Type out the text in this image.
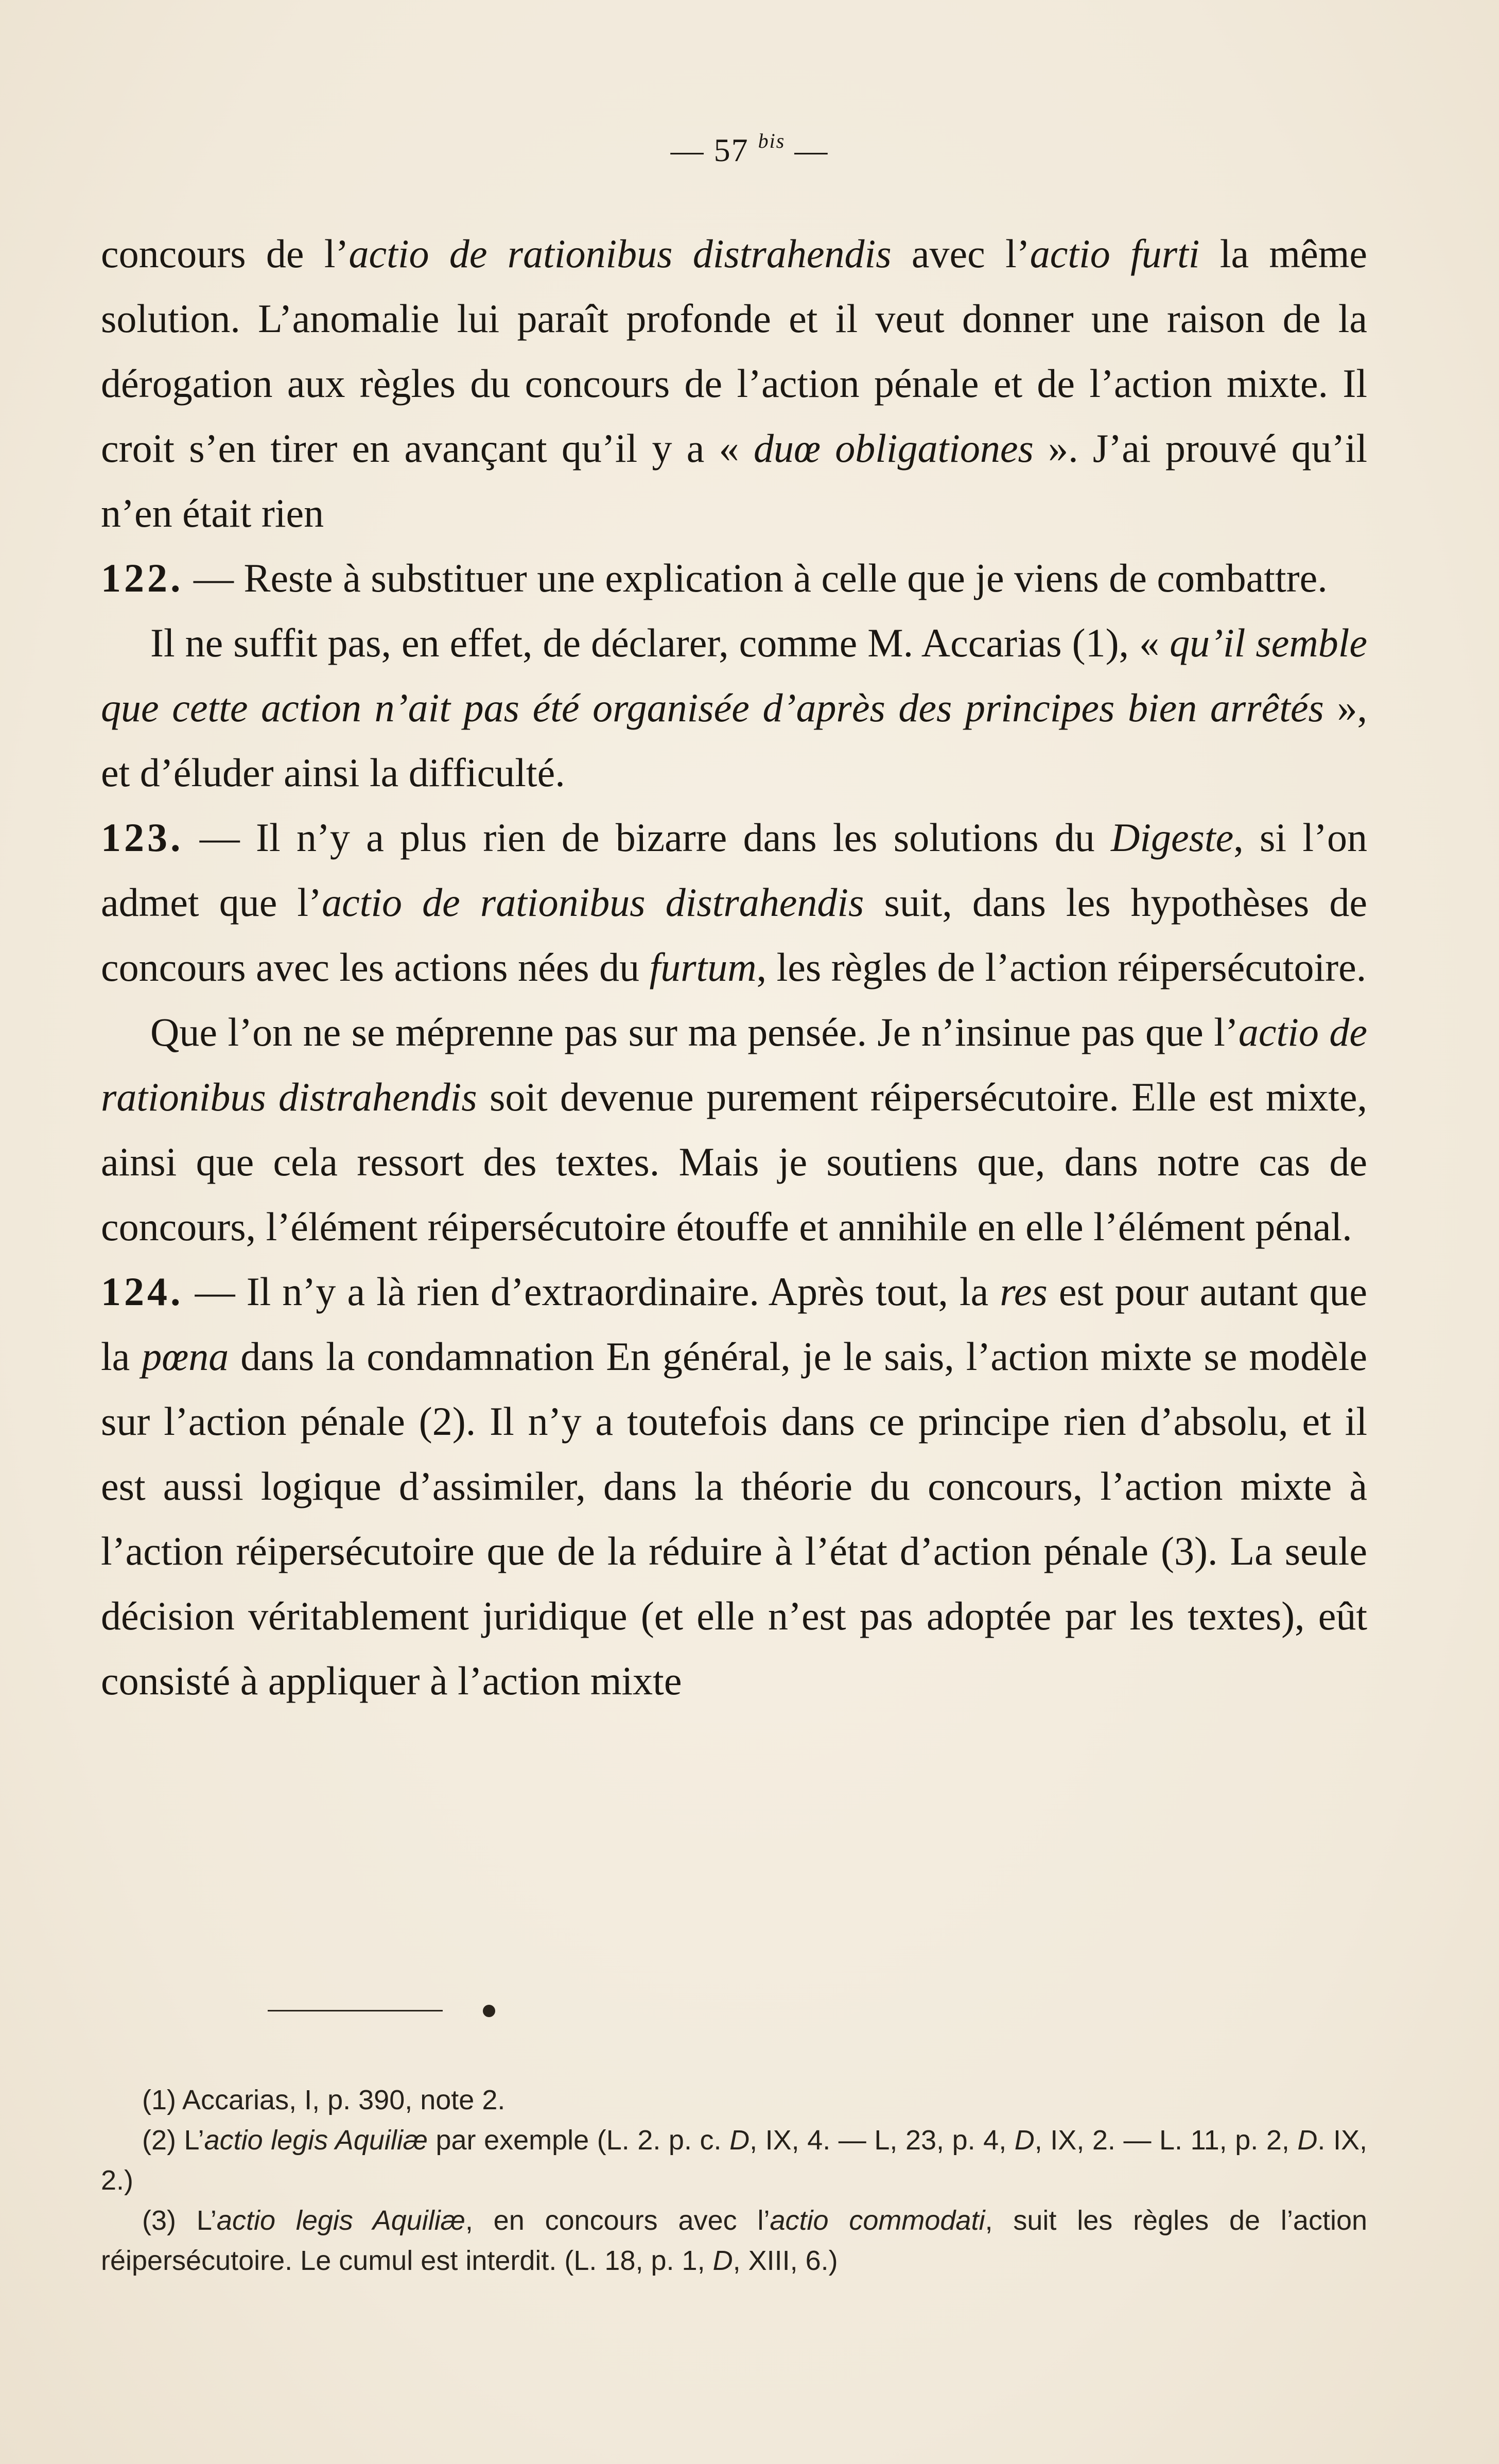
— 57 $^{bis}$ —

concours de l’actio de rationibus distrahendis avec l’actio furti la même solution. L’anomalie lui paraît profonde et il veut donner une raison de la dérogation aux règles du concours de l’action pénale et de l’action mixte. Il croit s’en tirer en avançant qu’il y a « duœ obligationes ». J’ai prouvé qu’il n’en était rien

122. — Reste à substituer une explication à celle que je viens de combattre.

Il ne suffit pas, en effet, de déclarer, comme M. Accarias (1), « qu’il semble que cette action n’ait pas été organisée d’après des principes bien arrêtés », et d’éluder ainsi la difficulté.

123. — Il n’y a plus rien de bizarre dans les solutions du Digeste, si l’on admet que l’actio de rationibus distrahendis suit, dans les hypothèses de concours avec les actions nées du furtum, les règles de l’action réipersécutoire.

Que l’on ne se méprenne pas sur ma pensée. Je n’insinue pas que l’actio de rationibus distrahendis soit devenue purement réipersécutoire. Elle est mixte, ainsi que cela ressort des textes. Mais je soutiens que, dans notre cas de concours, l’élément réipersécutoire étouffe et annihile en elle l’élément pénal.

124. — Il n’y a là rien d’extraordinaire. Après tout, la res est pour autant que la pœna dans la condamnation En général, je le sais, l’action mixte se modèle sur l’action pénale (2). Il n’y a toutefois dans ce principe rien d’absolu, et il est aussi logique d’assimiler, dans la théorie du concours, l’action mixte à l’action réipersécutoire que de la réduire à l’état d’action pénale (3). La seule décision véritablement juridique (et elle n’est pas adoptée par les textes), eût consisté à appliquer à l’action mixte

(1) Accarias, I, p. 390, note 2.

(2) L’actio legis Aquiliæ par exemple (L. 2. p. c. D, IX, 4. — L, 23, p. 4, D, IX, 2. — L. 11, p. 2, D. IX, 2.)

(3) L’actio legis Aquiliæ, en concours avec l’actio commodati, suit les règles de l’action réipersécutoire. Le cumul est interdit. (L. 18, p. 1, D, XIII, 6.)
